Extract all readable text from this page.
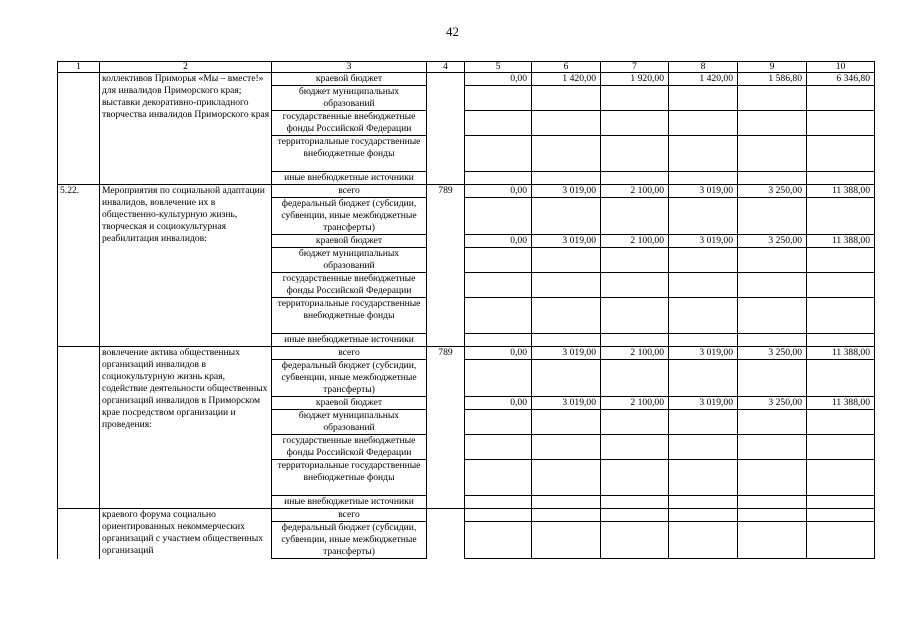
42
1	2	3	4	5	6	7	8	9	10
	коллективов Приморья «Мы – вместе!» для инвалидов Приморского края; выставки декоративно-прикладного творчества инвалидов Приморского края	краевой бюджет		0,00	1 420,00	1 920,00	1 420,00	1 586,80	6 346,80
		бюджет муниципальных образований							
		государственные внебюджетные фонды Российской Федерации							
		территориальные государственные внебюджетные фонды							
		иные внебюджетные источники							
5.22.	Мероприятия по социальной адаптации инвалидов, вовлечение их в общественно-культурную жизнь, творческая и социокультурная реабилитация инвалидов:	всего	789	0,00	3 019,00	2 100,00	3 019,00	3 250,00	11 388,00
		федеральный бюджет (субсидии, субвенции, иные межбюджетные трансферты)							
		краевой бюджет		0,00	3 019,00	2 100,00	3 019,00	3 250,00	11 388,00
		бюджет муниципальных образований							
		государственные внебюджетные фонды Российской Федерации							
		территориальные государственные внебюджетные фонды							
		иные внебюджетные источники							
	вовлечение актива общественных организаций инвалидов в социокультурную жизнь края, содействие деятельности общественных организаций инвалидов в Приморском крае посредством организации и проведения:	всего	789	0,00	3 019,00	2 100,00	3 019,00	3 250,00	11 388,00
		федеральный бюджет (субсидии, субвенции, иные межбюджетные трансферты)							
		краевой бюджет		0,00	3 019,00	2 100,00	3 019,00	3 250,00	11 388,00
		бюджет муниципальных образований							
		государственные внебюджетные фонды Российской Федерации							
		территориальные государственные внебюджетные фонды							
		иные внебюджетные источники							
	краевого форума социально ориентированных некоммерческих организаций с участием общественных организаций	всего							
		федеральный бюджет (субсидии, субвенции, иные межбюджетные трансферты)							
